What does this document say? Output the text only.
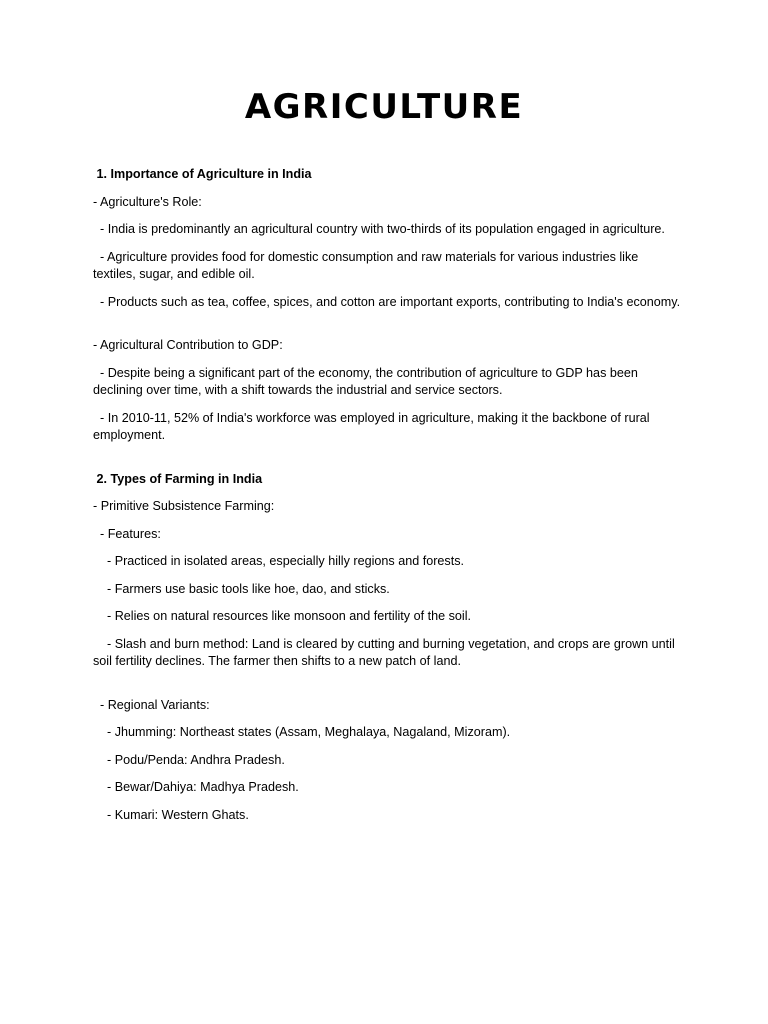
AGRICULTURE

1. Importance of Agriculture in India

- Agriculture's Role:

- India is predominantly an agricultural country with two-thirds of its population engaged in agriculture.

- Agriculture provides food for domestic consumption and raw materials for various industries like textiles, sugar, and edible oil.

- Products such as tea, coffee, spices, and cotton are important exports, contributing to India's economy.

- Agricultural Contribution to GDP:

- Despite being a significant part of the economy, the contribution of agriculture to GDP has been declining over time, with a shift towards the industrial and service sectors.

- In 2010-11, 52% of India's workforce was employed in agriculture, making it the backbone of rural employment.

2. Types of Farming in India

- Primitive Subsistence Farming:

- Features:

- Practiced in isolated areas, especially hilly regions and forests.

- Farmers use basic tools like hoe, dao, and sticks.

- Relies on natural resources like monsoon and fertility of the soil.

- Slash and burn method: Land is cleared by cutting and burning vegetation, and crops are grown until soil fertility declines. The farmer then shifts to a new patch of land.

- Regional Variants:

- Jhumming: Northeast states (Assam, Meghalaya, Nagaland, Mizoram).

- Podu/Penda: Andhra Pradesh.

- Bewar/Dahiya: Madhya Pradesh.

- Kumari: Western Ghats.
